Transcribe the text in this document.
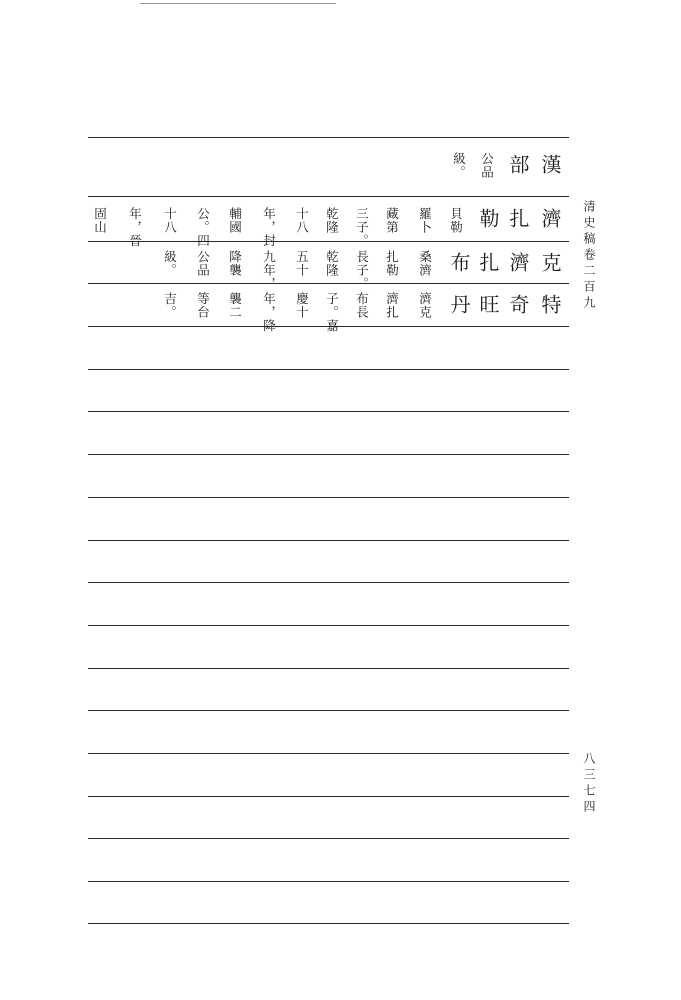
清史稿卷二百九
八三七四
漢
部
公品
級。
濟
扎
勒
貝勒
羅卜
藏第
三子。
乾隆
十八
年，封
輔國
公。四
十八
年，晉
固山
克
濟
扎
布
桑濟
扎勒
長子。
乾隆
五十
九年，
降襲
公品
級。
特
奇
旺
丹
濟克
濟扎
布長
子。嘉
慶十
年，降
襲二
等台
吉。
